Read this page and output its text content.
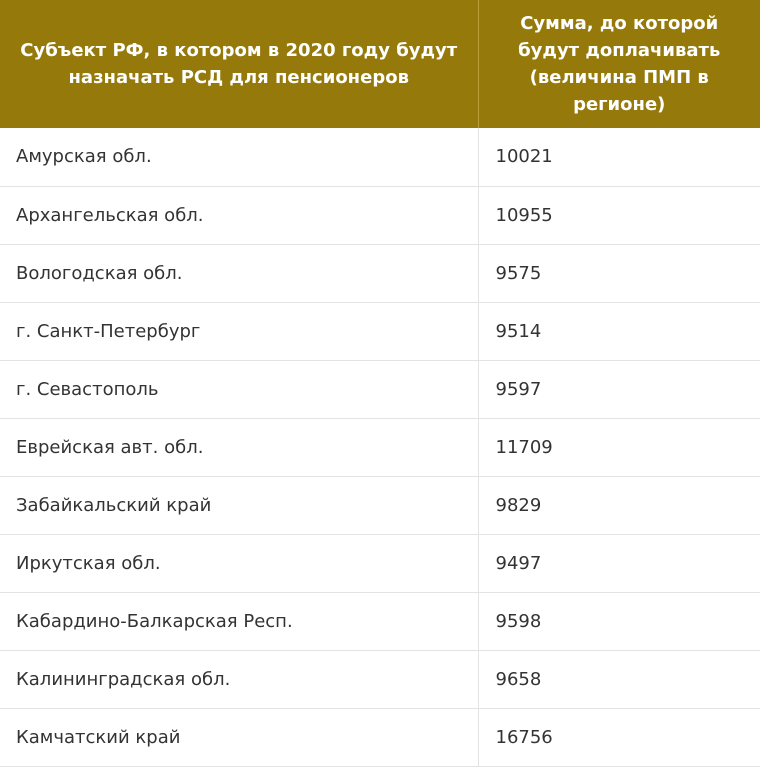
Субъект РФ, в котором в 2020 году будут назначать РСД для пенсионеров	Сумма, до которой будут доплачивать (величина ПМП в регионе)
Амурская обл.	10021
Архангельская обл.	10955
Вологодская обл.	9575
г. Санкт-Петербург	9514
г. Севастополь	9597
Еврейская авт. обл.	11709
Забайкальский край	9829
Иркутская обл.	9497
Кабардино-Балкарская Респ.	9598
Калининградская обл.	9658
Камчатский край	16756
